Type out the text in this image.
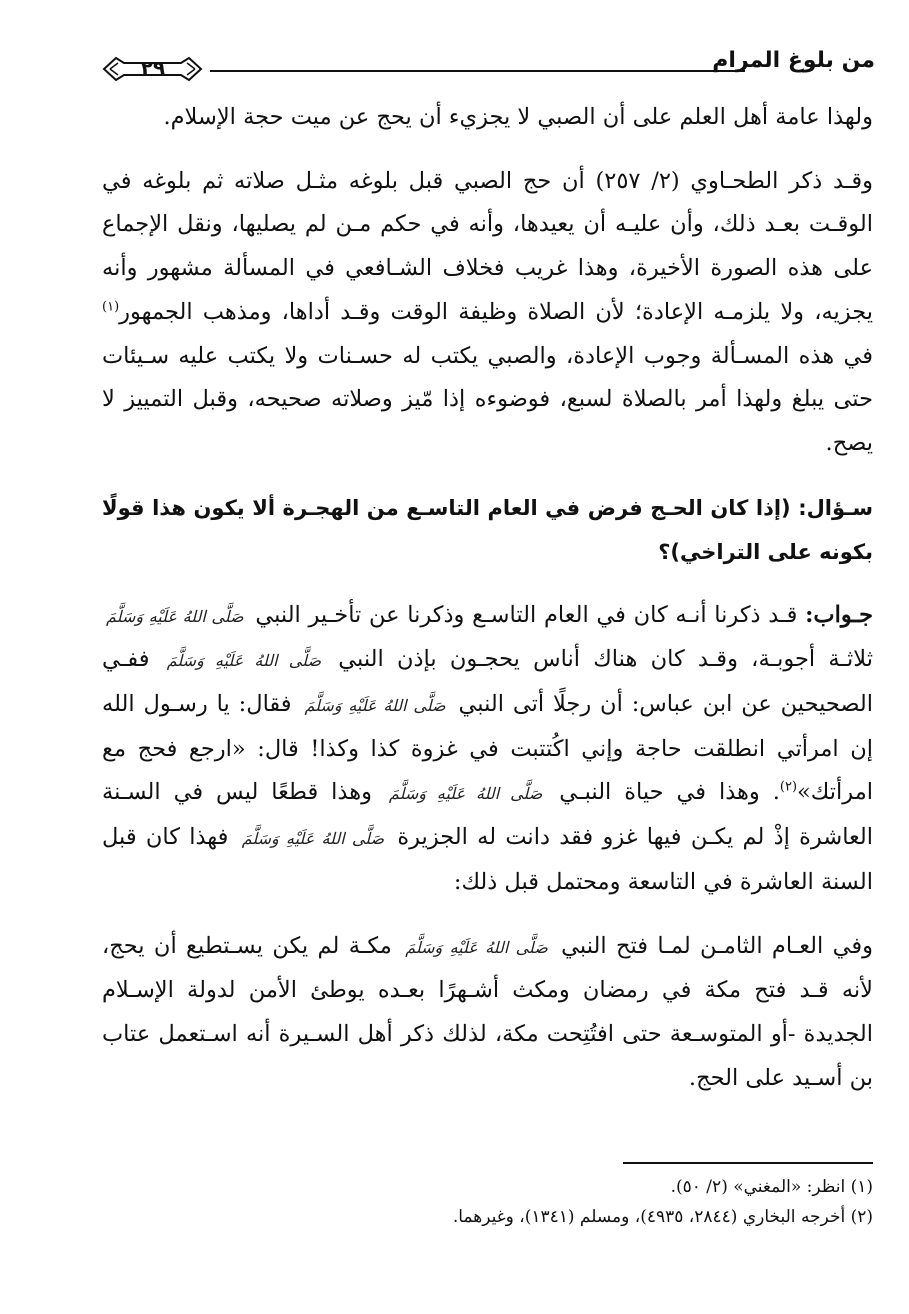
من بلوغ المرام
٢٩

ولهذا عامة أهل العلم على أن الصبي لا يجزيء أن يحج عن ميت حجة الإسلام.

وقـد ذكر الطحـاوي (٢/ ٢٥٧) أن حج الصبي قبل بلوغه مثـل صلاته ثم بلوغه في الوقـت بعـد ذلك، وأن عليـه أن يعيدها، وأنه في حكم مـن لم يصليها، ونقل الإجماع على هذه الصورة الأخيرة، وهذا غريب فخلاف الشـافعي في المسألة مشهور وأنه يجزيه، ولا يلزمـه الإعادة؛ لأن الصلاة وظيفة الوقت وقـد أداها، ومذهب الجمهور$^{(١)}$ في هذه المسـألة وجوب الإعادة، والصبي يكتب له حسـنات ولا يكتب عليه سـيئات حتى يبلغ ولهذا أمر بالصلاة لسبع، فوضوءه إذا مّيز وصلاته صحيحه، وقبل التمييز لا يصح.

سـؤال: (إذا كان الحـج فرض في العام التاسـع من الهجـرة ألا يكون هذا قولًا بكونه على التراخي)؟

جـواب: قـد ذكرنا أنـه كان في العام التاسـع وذكرنا عن تأخـير النبي صَلَّى اللهُ عَلَيْهِ وَسَلَّمَ ثلاثـة أجوبـة، وقـد كان هناك أناس يحجـون بإذن النبي صَلَّى اللهُ عَلَيْهِ وَسَلَّمَ ففـي الصحيحين عن ابن عباس: أن رجلًا أتى النبي صَلَّى اللهُ عَلَيْهِ وَسَلَّمَ فقال: يا رسـول الله إن امرأتي انطلقت حاجة وإني اكُتتبت في غزوة كذا وكذا! قال: «ارجع فحج مع امرأتك»$^{(٢)}$. وهذا في حياة النبـي صَلَّى اللهُ عَلَيْهِ وَسَلَّمَ وهذا قطعًا ليس في السـنة العاشرة إذْ لم يكـن فيها غزو فقد دانت له الجزيرة صَلَّى اللهُ عَلَيْهِ وَسَلَّمَ فهذا كان قبل السنة العاشرة في التاسعة ومحتمل قبل ذلك:

وفي العـام الثامـن لمـا فتح النبي صَلَّى اللهُ عَلَيْهِ وَسَلَّمَ مكـة لم يكن يسـتطيع أن يحج، لأنه قـد فتح مكة في رمضان ومكث أشـهرًا بعـده يوطئ الأمن لدولة الإسـلام الجديدة -أو المتوسـعة حتى افتُتِحت مكة، لذلك ذكر أهل السـيرة أنه اسـتعمل عتاب بن أسـيد على الحج.

(١) انظر: «المغني» (٢/ ٥٠).
(٢) أخرجه البخاري (٢٨٤٤، ٤٩٣٥)، ومسلم (١٣٤١)، وغيرهما.
